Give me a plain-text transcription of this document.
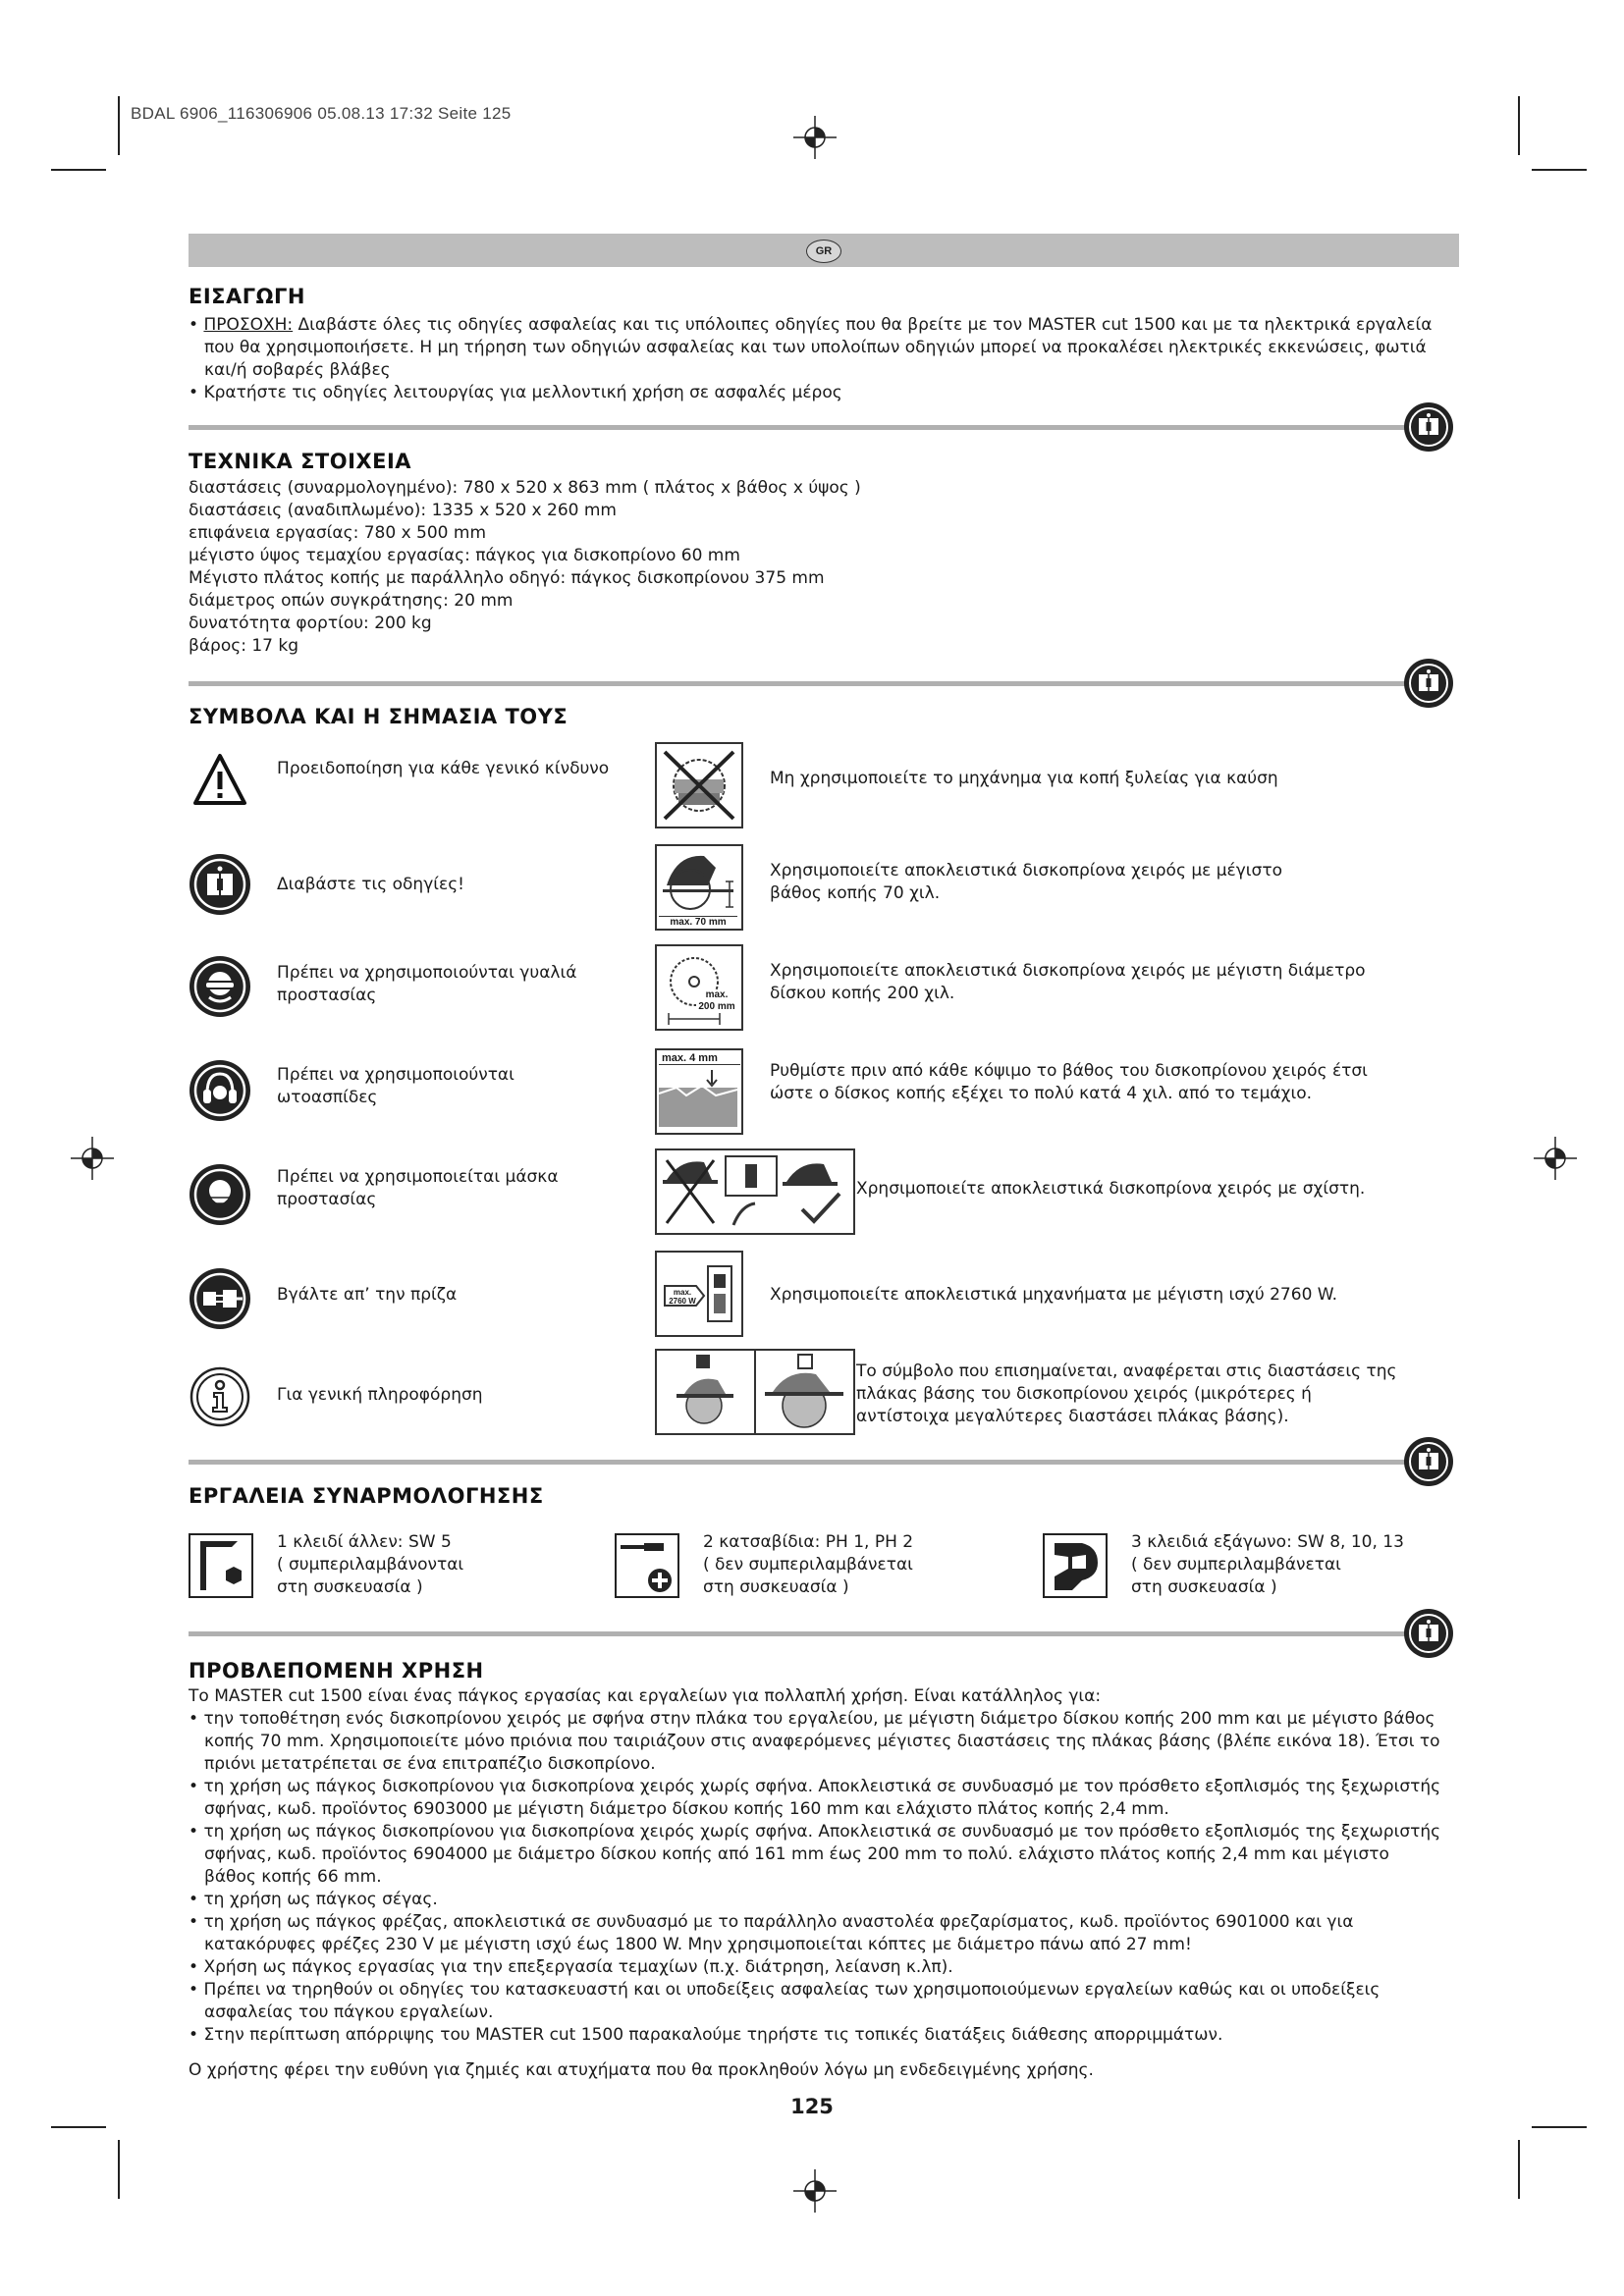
BDAL 6906_116306906 05.08.13 17:32 Seite 125
GR
ΕΙΣΑΓΩΓΗ
• ΠΡΟΣΟΧΗ: Διαβάστε όλες τις οδηγίες ασφαλείας και τις υπόλοιπες οδηγίες που θα βρείτε με τον MASTER cut 1500 και με τα ηλεκτρικά εργαλεία που θα χρησιμοποιήσετε. Η μη τήρηση των οδηγιών ασφαλείας και των υπολοίπων οδηγιών μπορεί να προκαλέσει ηλεκτρικές εκκενώσεις, φωτιά και/ή σοβαρές βλάβες
• Κρατήστε τις οδηγίες λειτουργίας για μελλοντική χρήση σε ασφαλές μέρος
ΤΕΧΝΙΚΑ ΣΤΟΙΧΕΙΑ
διαστάσεις (συναρμολογημένο): 780 x 520 x 863 mm ( πλάτος x βάθος x ύψος )
διαστάσεις (αναδιπλωμένο): 1335 x 520 x 260 mm
επιφάνεια εργασίας: 780 x 500 mm
μέγιστο ύψος τεμαχίου εργασίας: πάγκος για δισκοπρίονο 60 mm
Μέγιστο πλάτος κοπής με παράλληλο οδηγό: πάγκος δισκοπρίονου 375 mm
διάμετρος οπών συγκράτησης: 20 mm
δυνατότητα φορτίου: 200 kg
βάρος: 17 kg
ΣΥΜΒΟΛΑ ΚΑΙ Η ΣΗΜΑΣΙΑ ΤΟΥΣ
Προειδοποίηση για κάθε γενικό κίνδυνο
Διαβάστε τις οδηγίες!
Πρέπει να χρησιμοποιούνται γυαλιά προστασίας
Πρέπει να χρησιμοποιούνται ωτοασπίδες
Πρέπει να χρησιμοποιείται μάσκα προστασίας
Βγάλτε απ’ την πρίζα
Για γενική πληροφόρηση
Μη χρησιμοποιείτε το μηχάνημα για κοπή ξυλείας για καύση
max. 70 mm
Χρησιμοποιείτε αποκλειστικά δισκοπρίονα χειρός με μέγιστο βάθος κοπής 70 χιλ.
max. 200 mm
Χρησιμοποιείτε αποκλειστικά δισκοπρίονα χειρός με μέγιστη διάμετρο δίσκου κοπής 200 χιλ.
max. 4 mm
Ρυθμίστε πριν από κάθε κόψιμο το βάθος του δισκοπρίονου χειρός έτσι ώστε ο δίσκος κοπής εξέχει το πολύ κατά 4 χιλ. από το τεμάχιο.
Χρησιμοποιείτε αποκλειστικά δισκοπρίονα χειρός με σχίστη.
max. 2760 W	Χρησιμοποιείτε αποκλειστικά μηχανήματα με μέγιστη ισχύ 2760 W.
Το σύμβολο που επισημαίνεται, αναφέρεται στις διαστάσεις της πλάκας βάσης του δισκοπρίονου χειρός (μικρότερες ή αντίστοιχα μεγαλύτερες διαστάσει πλάκας βάσης).
ΕΡΓΑΛΕΙΑ ΣΥΝΑΡΜΟΛΟΓΗΣΗΣ
1 κλειδί άλλεν: SW 5
( συμπεριλαμβάνονται
στη συσκευασία )
2 κατσαβίδια: PH 1, PH 2
( δεν συμπεριλαμβάνεται
στη συσκευασία )
3 κλειδιά εξάγωνο: SW 8, 10, 13
( δεν συμπεριλαμβάνεται
στη συσκευασία )
ΠΡΟΒΛΕΠΟΜΕΝΗ ΧΡΗΣΗ
Το MASTER cut 1500 είναι ένας πάγκος εργασίας και εργαλείων για πολλαπλή χρήση. Είναι κατάλληλος για:
• την τοποθέτηση ενός δισκοπρίονου χειρός με σφήνα στην πλάκα του εργαλείου, με μέγιστη διάμετρο δίσκου κοπής 200 mm και με μέγιστο βάθος κοπής 70 mm. Χρησιμοποιείτε μόνο πριόνια που ταιριάζουν στις αναφερόμενες μέγιστες διαστάσεις της πλάκας βάσης (βλέπε εικόνα 18). Έτσι το πριόνι μετατρέπεται σε ένα επιτραπέζιο δισκοπρίονο.
• τη χρήση ως πάγκος δισκοπρίονου για δισκοπρίονα χειρός χωρίς σφήνα. Αποκλειστικά σε συνδυασμό με τον πρόσθετο εξοπλισμός της ξεχωριστής σφήνας, κωδ. προϊόντος 6903000 με μέγιστη διάμετρο δίσκου κοπής 160 mm και ελάχιστο πλάτος κοπής 2,4 mm.
• τη χρήση ως πάγκος δισκοπρίονου για δισκοπρίονα χειρός χωρίς σφήνα. Αποκλειστικά σε συνδυασμό με τον πρόσθετο εξοπλισμός της ξεχωριστής σφήνας, κωδ. προϊόντος 6904000 με διάμετρο δίσκου κοπής από 161 mm έως 200 mm το πολύ. ελάχιστο πλάτος κοπής 2,4 mm και μέγιστο βάθος κοπής 66 mm.
• τη χρήση ως πάγκος σέγας.
• τη χρήση ως πάγκος φρέζας, αποκλειστικά σε συνδυασμό με το παράλληλο αναστολέα φρεζαρίσματος, κωδ. προϊόντος 6901000 και για κατακόρυφες φρέζες 230 V με μέγιστη ισχύ έως 1800 W. Μην χρησιμοποιείται κόπτες με διάμετρο πάνω από 27 mm!
• Χρήση ως πάγκος εργασίας για την επεξεργασία τεμαχίων (π.χ. διάτρηση, λείανση κ.λπ).
• Πρέπει να τηρηθούν οι οδηγίες του κατασκευαστή και οι υποδείξεις ασφαλείας των χρησιμοποιούμενων εργαλείων καθώς και οι υποδείξεις ασφαλείας του πάγκου εργαλείων.
• Στην περίπτωση απόρριψης του MASTER cut 1500 παρακαλούμε τηρήστε τις τοπικές διατάξεις διάθεσης απορριμμάτων.
Ο χρήστης φέρει την ευθύνη για ζημιές και ατυχήματα που θα προκληθούν λόγω μη ενδεδειγμένης χρήσης.
125
